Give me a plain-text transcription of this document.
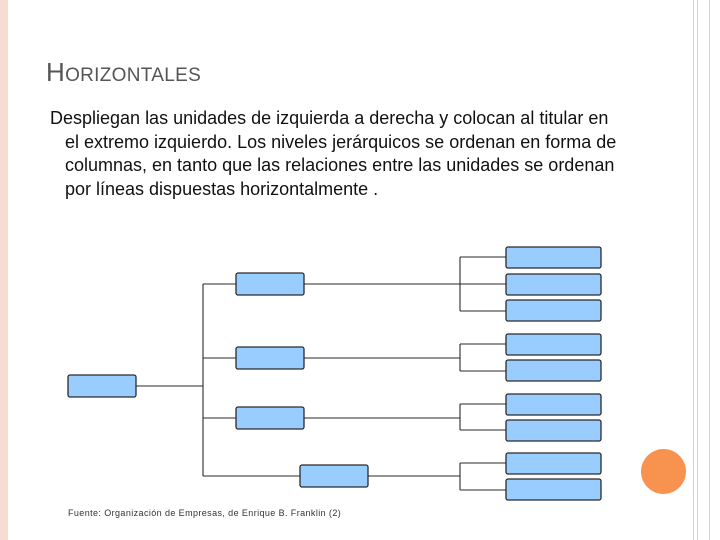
HORIZONTALES

Despliegan las unidades de izquierda a derecha y colocan al titular en el extremo izquierdo. Los niveles jerárquicos se ordenan en forma de columnas, en tanto que las relaciones entre las unidades se ordenan por líneas dispuestas horizontalmente .

Fuente: Organización de Empresas, de Enrique B. Franklin (2)
